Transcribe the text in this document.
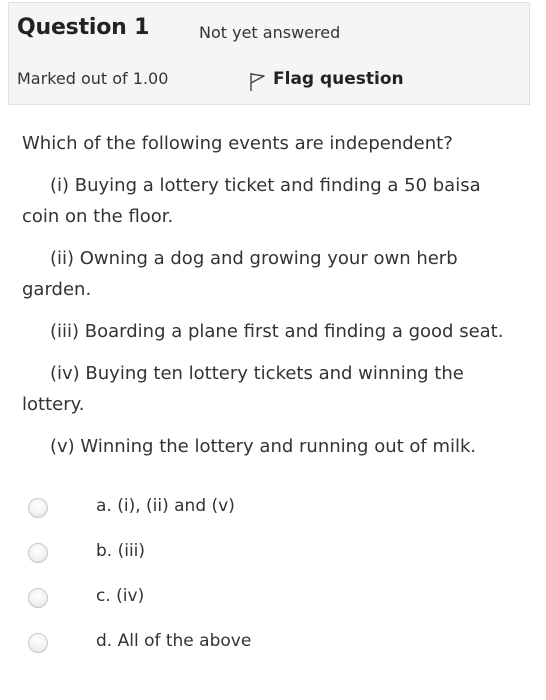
Question 1	Not yet answered
Marked out of 1.00	Flag question

Which of the following events are independent?

(i) Buying a lottery ticket and finding a 50 baisa coin on the floor.

(ii) Owning a dog and growing your own herb garden.

(iii) Boarding a plane first and finding a good seat.

(iv) Buying ten lottery tickets and winning the lottery.

(v) Winning the lottery and running out of milk.

a. (i), (ii) and (v)
b. (iii)
c. (iv)
d. All of the above
